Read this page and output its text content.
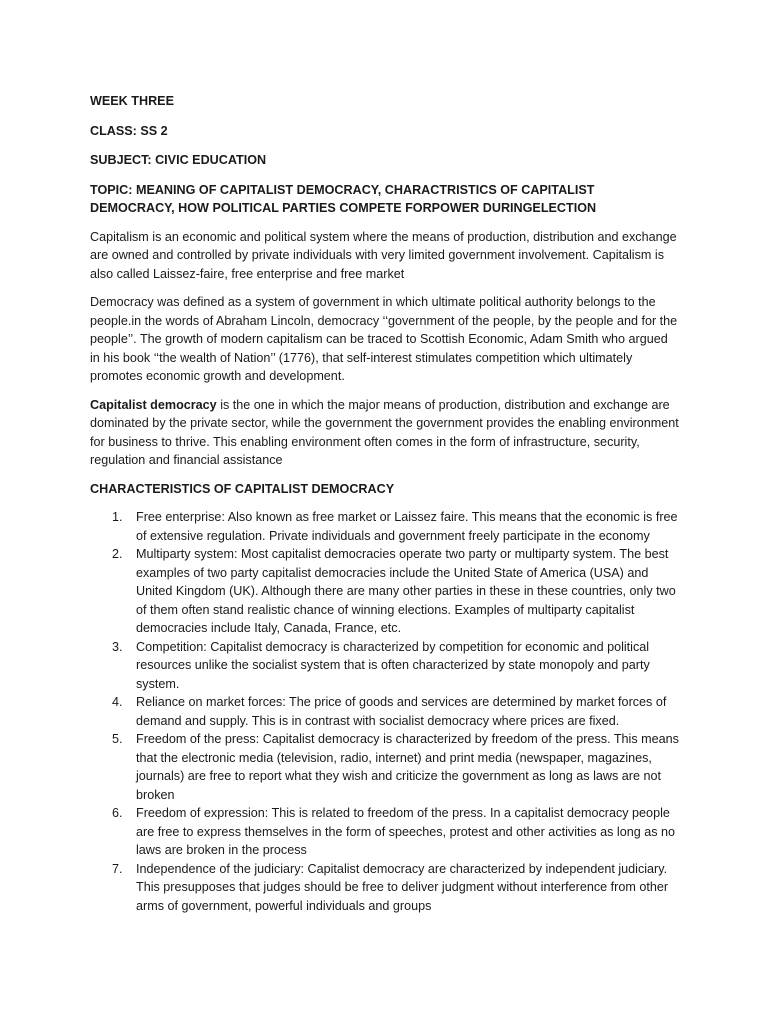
WEEK THREE
CLASS: SS 2
SUBJECT: CIVIC EDUCATION
TOPIC: MEANING OF CAPITALIST DEMOCRACY, CHARACTRISTICS OF CAPITALIST DEMOCRACY, HOW POLITICAL PARTIES COMPETE FORPOWER DURINGELECTION

Capitalism is an economic and political system where the means of production, distribution and exchange are owned and controlled by private individuals with very limited government involvement. Capitalism is also called Laissez-faire, free enterprise and free market

Democracy was defined as a system of government in which ultimate political authority belongs to the people.in the words of Abraham Lincoln, democracy ‘‘government of the people, by the people and for the people’’. The growth of modern capitalism can be traced to Scottish Economic, Adam Smith who argued in his book ‘‘the wealth of Nation’’ (1776), that self-interest stimulates competition which ultimately promotes economic growth and development.

Capitalist democracy is the one in which the major means of production, distribution and exchange are dominated by the private sector, while the government the government provides the enabling environment for business to thrive. This enabling environment often comes in the form of infrastructure, security, regulation and financial assistance

CHARACTERISTICS OF CAPITALIST DEMOCRACY
1. Free enterprise: Also known as free market or Laissez faire. This means that the economic is free of extensive regulation. Private individuals and government freely participate in the economy
2. Multiparty system: Most capitalist democracies operate two party or multiparty system. The best examples of two party capitalist democracies include the United State of America (USA) and United Kingdom (UK). Although there are many other parties in these in these countries, only two of them often stand realistic chance of winning elections. Examples of multiparty capitalist democracies include Italy, Canada, France, etc.
3. Competition: Capitalist democracy is characterized by competition for economic and political resources unlike the socialist system that is often characterized by state monopoly and party system.
4. Reliance on market forces: The price of goods and services are determined by market forces of demand and supply. This is in contrast with socialist democracy where prices are fixed.
5. Freedom of the press: Capitalist democracy is characterized by freedom of the press. This means that the electronic media (television, radio, internet) and print media (newspaper, magazines, journals) are free to report what they wish and criticize the government as long as laws are not broken
6. Freedom of expression: This is related to freedom of the press. In a capitalist democracy people are free to express themselves in the form of speeches, protest and other activities as long as no laws are broken in the process
7. Independence of the judiciary: Capitalist democracy are characterized by independent judiciary. This presupposes that judges should be free to deliver judgment without interference from other arms of government, powerful individuals and groups
